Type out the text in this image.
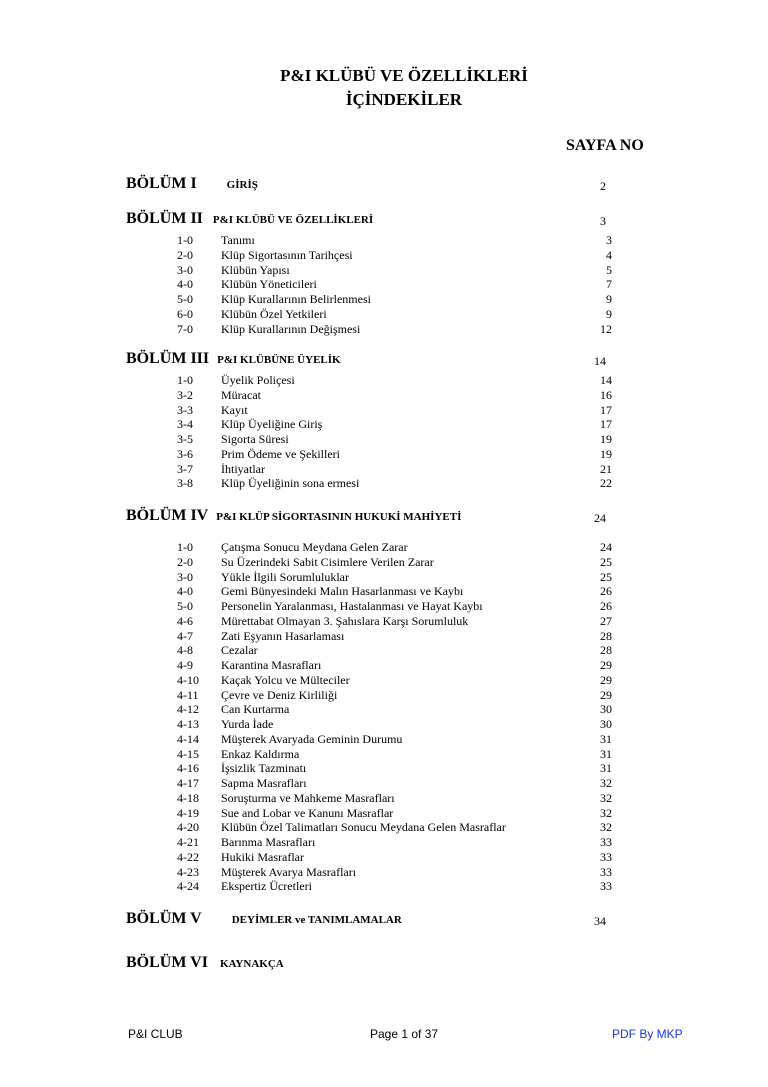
P&I KLÜBÜ VE ÖZELLİKLERİ
İÇİNDEKİLER
SAYFA NO
BÖLÜM I	GİRİŞ	2
BÖLÜM II P&I KLÜBÜ VE ÖZELLİKLERİ	3
1-0 Tanımı	3
2-0 Klüp Sigortasının Tarihçesi	4
3-0 Klübün Yapısı	5
4-0 Klübün Yöneticileri	7
5-0 Klüp Kurallarının Belirlenmesi	9
6-0 Klübün Özel Yetkileri	9
7-0 Klüp Kurallarının Değişmesi	12
BÖLÜM III P&I KLÜBÜNE ÜYELİK	14
1-0 Üyelik Poliçesi	14
3-2 Müracat	16
3-3 Kayıt	17
3-4 Klüp Üyeliğine Giriş	17
3-5 Sigorta Süresi	19
3-6 Prim Ödeme ve Şekilleri	19
3-7 İhtiyatlar	21
3-8 Klüp Üyeliğinin sona ermesi	22
BÖLÜM IV P&I KLÜP SİGORTASININ HUKUKİ MAHİYETİ	24
1-0 Çatışma Sonucu Meydana Gelen Zarar	24
2-0 Su Üzerindeki Sabit Cisimlere Verilen Zarar	25
3-0 Yükle İlgili Sorumluluklar	25
4-0 Gemi Bünyesindeki Malın Hasarlanması ve Kaybı	26
5-0 Personelin Yaralanması, Hastalanması ve Hayat Kaybı	26
4-6 Mürettabat Olmayan 3. Şahıslara Karşı Sorumluluk	27
4-7 Zati Eşyanın Hasarlaması	28
4-8 Cezalar	28
4-9 Karantina Masrafları	29
4-10 Kaçak Yolcu ve Mülteciler	29
4-11 Çevre ve Deniz Kirliliği	29
4-12 Can Kurtarma	30
4-13 Yurda İade	30
4-14 Müşterek Avaryada Geminin Durumu	31
4-15 Enkaz Kaldırma	31
4-16 İşsizlik Tazminatı	31
4-17 Sapma Masrafları	32
4-18 Soruşturma ve Mahkeme Masrafları	32
4-19 Sue and Lobar ve Kanunı Masraflar	32
4-20 Klübün Özel Talimatları Sonucu Meydana Gelen Masraflar	32
4-21 Barınma Masrafları	33
4-22 Hukiki Masraflar	33
4-23 Müşterek Avarya Masrafları	33
4-24 Ekspertiz Ücretleri	33
BÖLÜM V	DEYİMLER ve TANIMLAMALAR	34
BÖLÜM VI KAYNAKÇA
P&I CLUB	Page 1 of 37	PDF By MKP
